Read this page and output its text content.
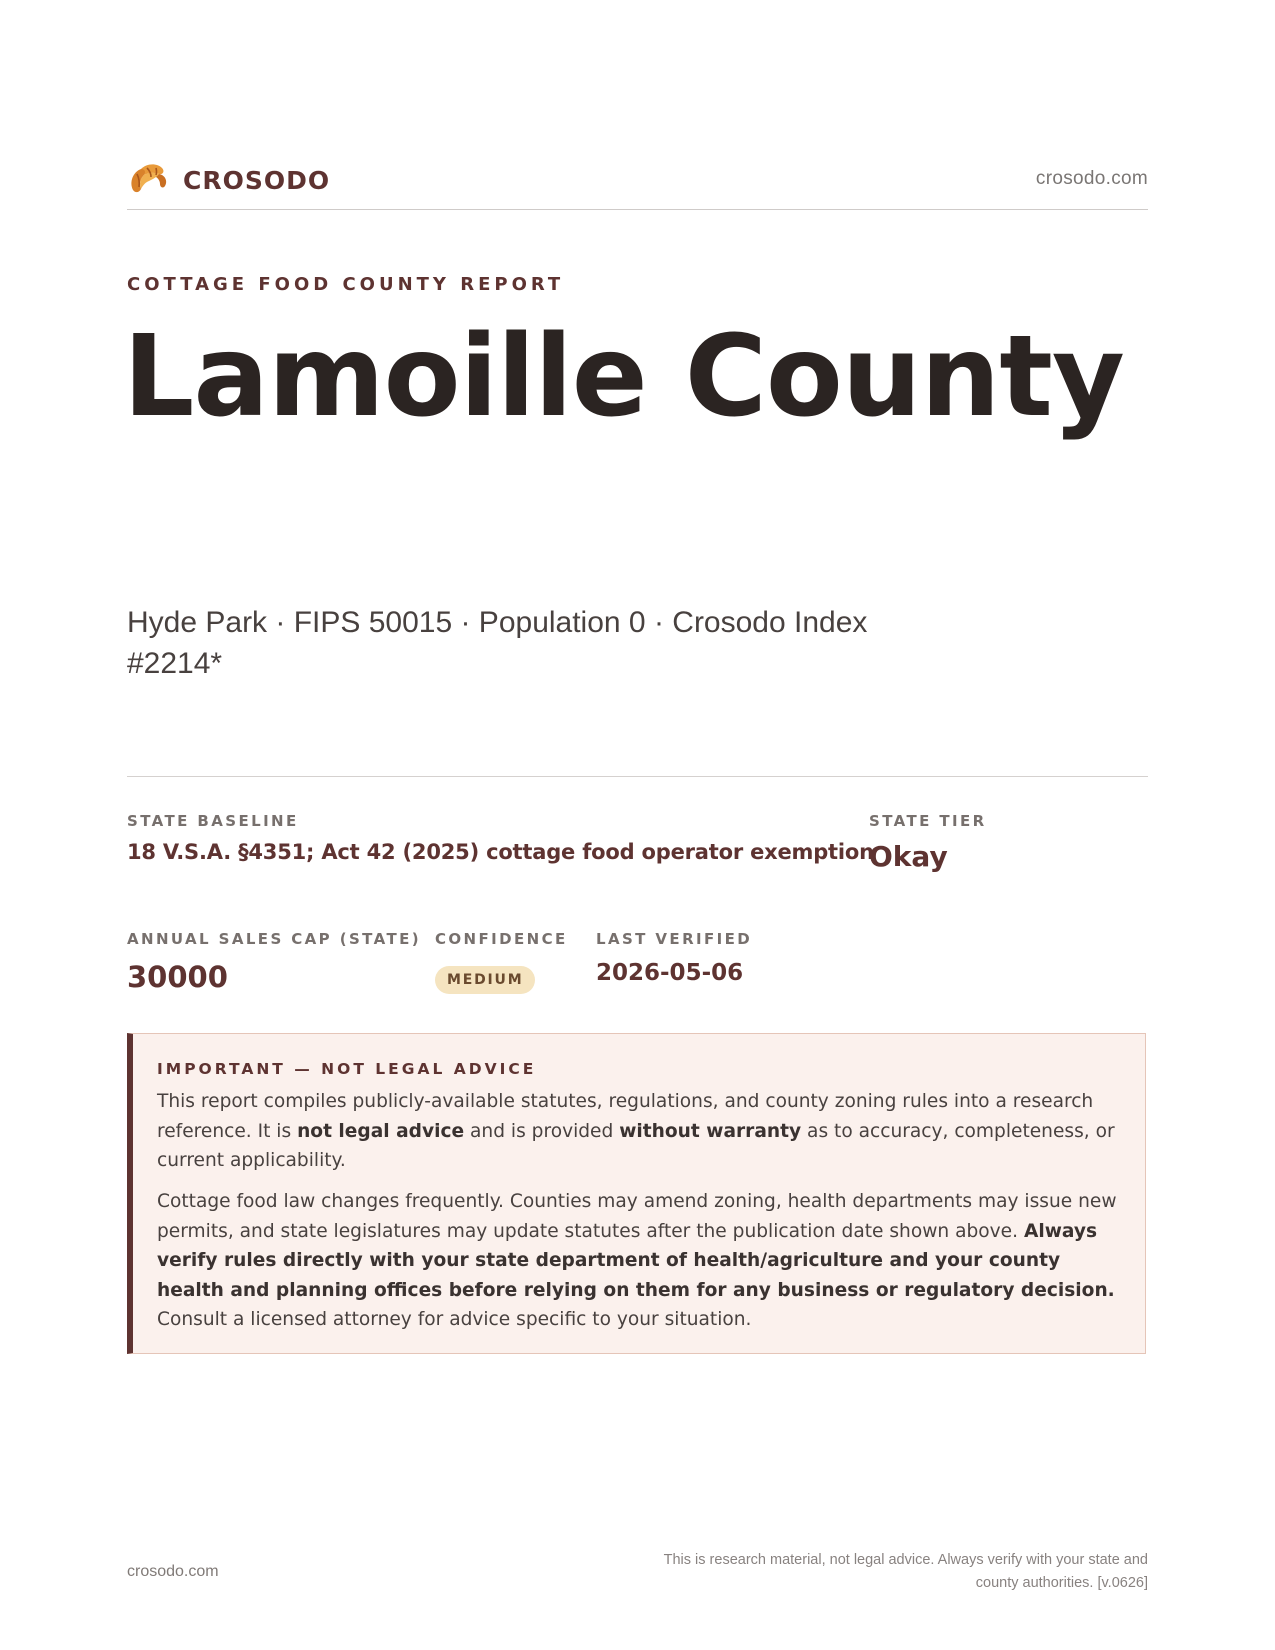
CROSODO	crosodo.com
COTTAGE FOOD COUNTY REPORT
Lamoille County
Hyde Park · FIPS 50015 · Population 0 · Crosodo Index #2214*
STATE BASELINE
18 V.S.A. §4351; Act 42 (2025) cottage food operator exemption
STATE TIER
Okay
ANNUAL SALES CAP (STATE)
30000
CONFIDENCE
MEDIUM
LAST VERIFIED
2026-05-06
IMPORTANT — NOT LEGAL ADVICE

This report compiles publicly-available statutes, regulations, and county zoning rules into a research reference. It is not legal advice and is provided without warranty as to accuracy, completeness, or current applicability.

Cottage food law changes frequently. Counties may amend zoning, health departments may issue new permits, and state legislatures may update statutes after the publication date shown above. Always verify rules directly with your state department of health/agriculture and your county health and planning offices before relying on them for any business or regulatory decision. Consult a licensed attorney for advice specific to your situation.

crosodo.com
This is research material, not legal advice. Always verify with your state and county authorities. [v.0626]
